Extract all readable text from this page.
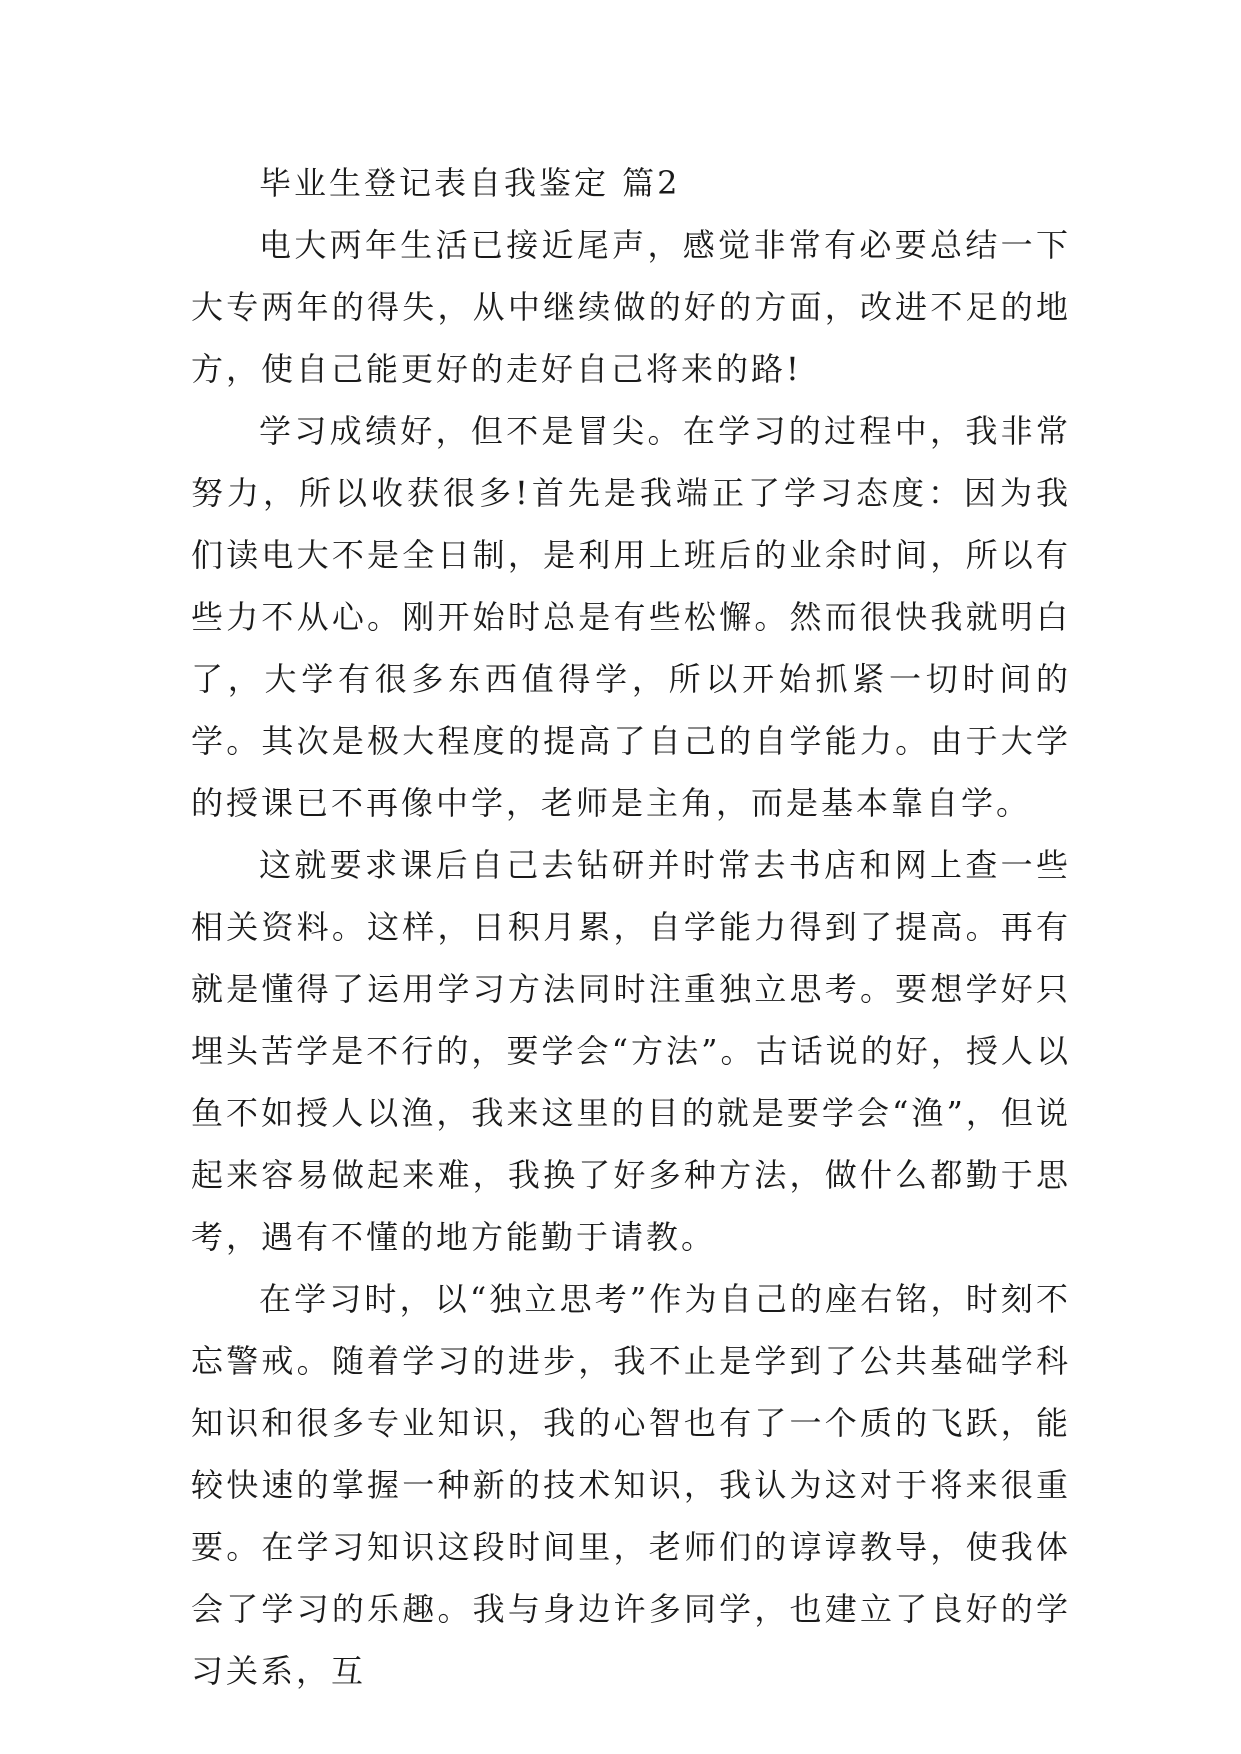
毕业生登记表自我鉴定 篇2

电大两年生活已接近尾声，感觉非常有必要总结一下大专两年的得失，从中继续做的好的方面，改进不足的地方，使自己能更好的走好自己将来的路!

学习成绩好，但不是冒尖。在学习的过程中，我非常努力，所以收获很多!首先是我端正了学习态度：因为我们读电大不是全日制，是利用上班后的业余时间，所以有些力不从心。刚开始时总是有些松懈。然而很快我就明白了，大学有很多东西值得学，所以开始抓紧一切时间的学。其次是极大程度的提高了自己的自学能力。由于大学的授课已不再像中学，老师是主角，而是基本靠自学。

这就要求课后自己去钻研并时常去书店和网上查一些相关资料。这样，日积月累，自学能力得到了提高。再有就是懂得了运用学习方法同时注重独立思考。要想学好只埋头苦学是不行的，要学会“方法”。古话说的好，授人以鱼不如授人以渔，我来这里的目的就是要学会“渔”，但说起来容易做起来难，我换了好多种方法，做什么都勤于思考，遇有不懂的地方能勤于请教。

在学习时，以“独立思考”作为自己的座右铭，时刻不忘警戒。随着学习的进步，我不止是学到了公共基础学科知识和很多专业知识，我的心智也有了一个质的飞跃，能较快速的掌握一种新的技术知识，我认为这对于将来很重要。在学习知识这段时间里，老师们的谆谆教导，使我体会了学习的乐趣。我与身边许多同学，也建立了良好的学习关系，互
